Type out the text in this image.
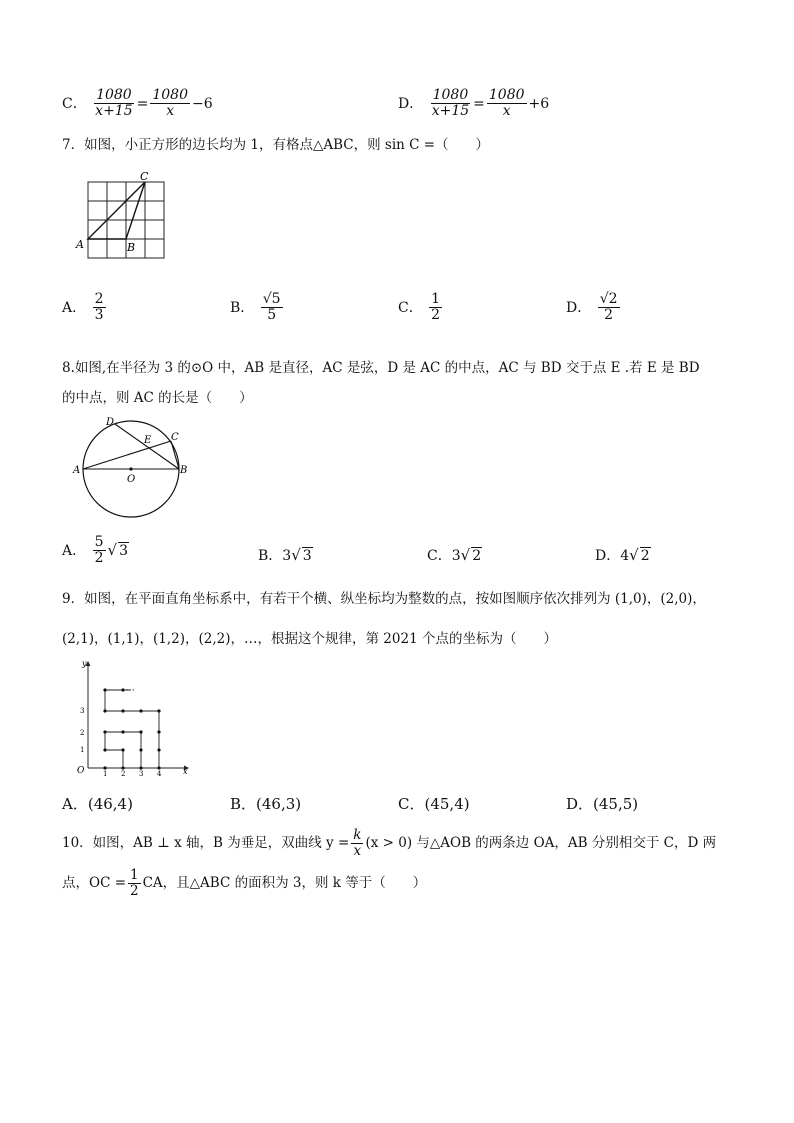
C． $\frac{1080}{x+15} = \frac{1080}{x} -6$	D． $\frac{1080}{x+15} = \frac{1080}{x} +6$
7．如图，小正方形的边长均为 1，有格点△ABC，则 sin C =（　　）
A	B
C
A． $\frac{2}{3}$	B． $\frac{√5}{5}$	C． $\frac{1}{2}$	D． $\frac{√2}{2}$
8.如图,在半径为 3 的⊙O 中，AB 是直径，AC 是弦，D 是 AC 的中点，AC 与 BD 交于点 E .若 E 是 BD
的中点，则 AC 的长是（　　）
A	B
C
D
E
O
A． $\frac{5}{2}$ √ 3	B．3√ 3	C．3√ 2	D．4√ 2
9．如图，在平面直角坐标系中，有若干个横、纵坐标均为整数的点，按如图顺序依次排列为 (1,0)，(2,0)，
(2,1)，(1,1)，(1,2)，(2,2)，…，根据这个规律，第 2021 个点的坐标为（　　）
O	x
y
1 2 3 4
1
2
3
···
A．(46,4)	B．(46,3)	C．(45,4)	D．(45,5)
10．如图，AB ⊥ x 轴，B 为垂足，双曲线 $y = \frac{k}{x} (x > 0)$ 与△AOB 的两条边 OA，AB 分别相交于 C，D 两
点，OC = $\frac{1}{2}$ CA，且△ABC 的面积为 3，则 k 等于（　　）
